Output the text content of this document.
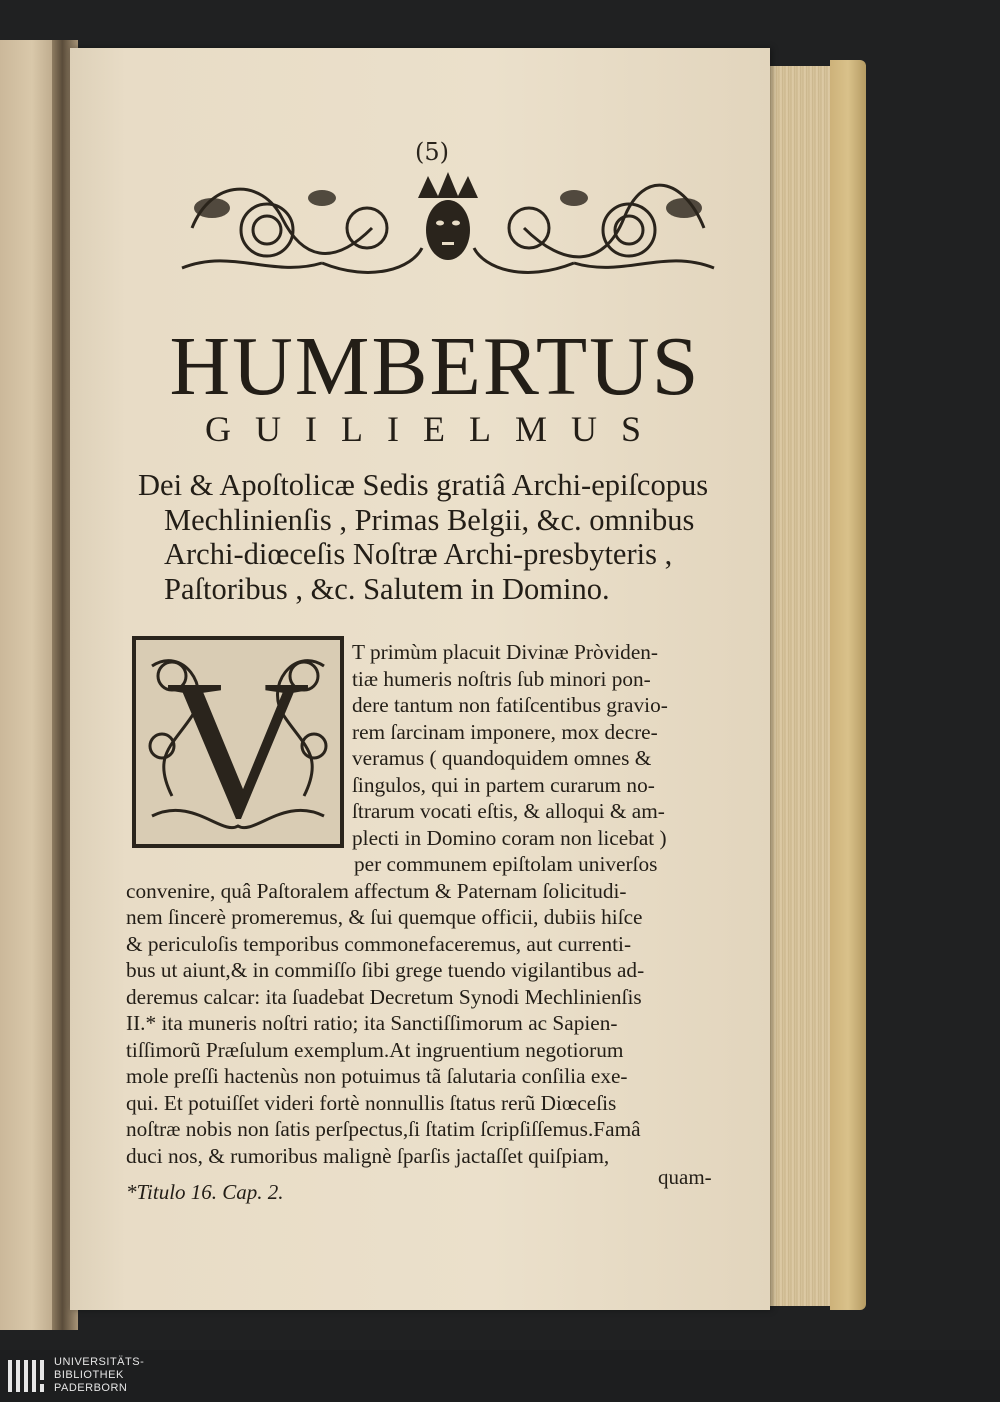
(5)
HUMBERTUS
GUILIELMUS
Dei & Apoſtolicæ Sedis gratiâ Archi-epiſcopus
Mechlinienſis , Primas Belgii, &c. omnibus
Archi-diœceſis Noſtræ Archi-presbyteris ,
Paſtoribus , &c. Salutem in Domino.
V T primùm placuit Divinæ Pròviden-
tiæ humeris noſtris ſub minori pon-
dere tantum non fatiſcentibus gravio-
rem ſarcinam imponere, mox decre-
veramus ( quandoquidem omnes &
ſingulos, qui in partem curarum no-
ſtrarum vocati eſtis, & alloqui & am-
plecti in Domino coram non licebat )
per communem epiſtolam univerſos
convenire, quâ Paſtoralem affectum & Paternam ſolicitudi-
nem ſincerè promeremus, & ſui quemque officii, dubiis hiſce
& periculoſis temporibus commonefaceremus, aut currenti-
bus ut aiunt,& in commiſſo ſibi grege tuendo vigilantibus ad-
deremus calcar: ita ſuadebat Decretum Synodi Mechlinienſis
II.* ita muneris noſtri ratio; ita Sanctiſſimorum ac Sapien-
tiſſimorũ Præſulum exemplum.At ingruentium negotiorum
mole preſſi hactenùs non potuimus tã ſalutaria conſilia exe-
qui. Et potuiſſet videri fortè nonnullis ſtatus rerũ Diœceſis
noſtræ nobis non ſatis perſpectus,ſi ſtatim ſcripſiſſemus.Famâ
duci nos, & rumoribus malignè ſparſis jactaſſet quiſpiam,
quam-
*Titulo 16. Cap. 2.
UNIVERSITÄTS-
BIBLIOTHEK
PADERBORN
